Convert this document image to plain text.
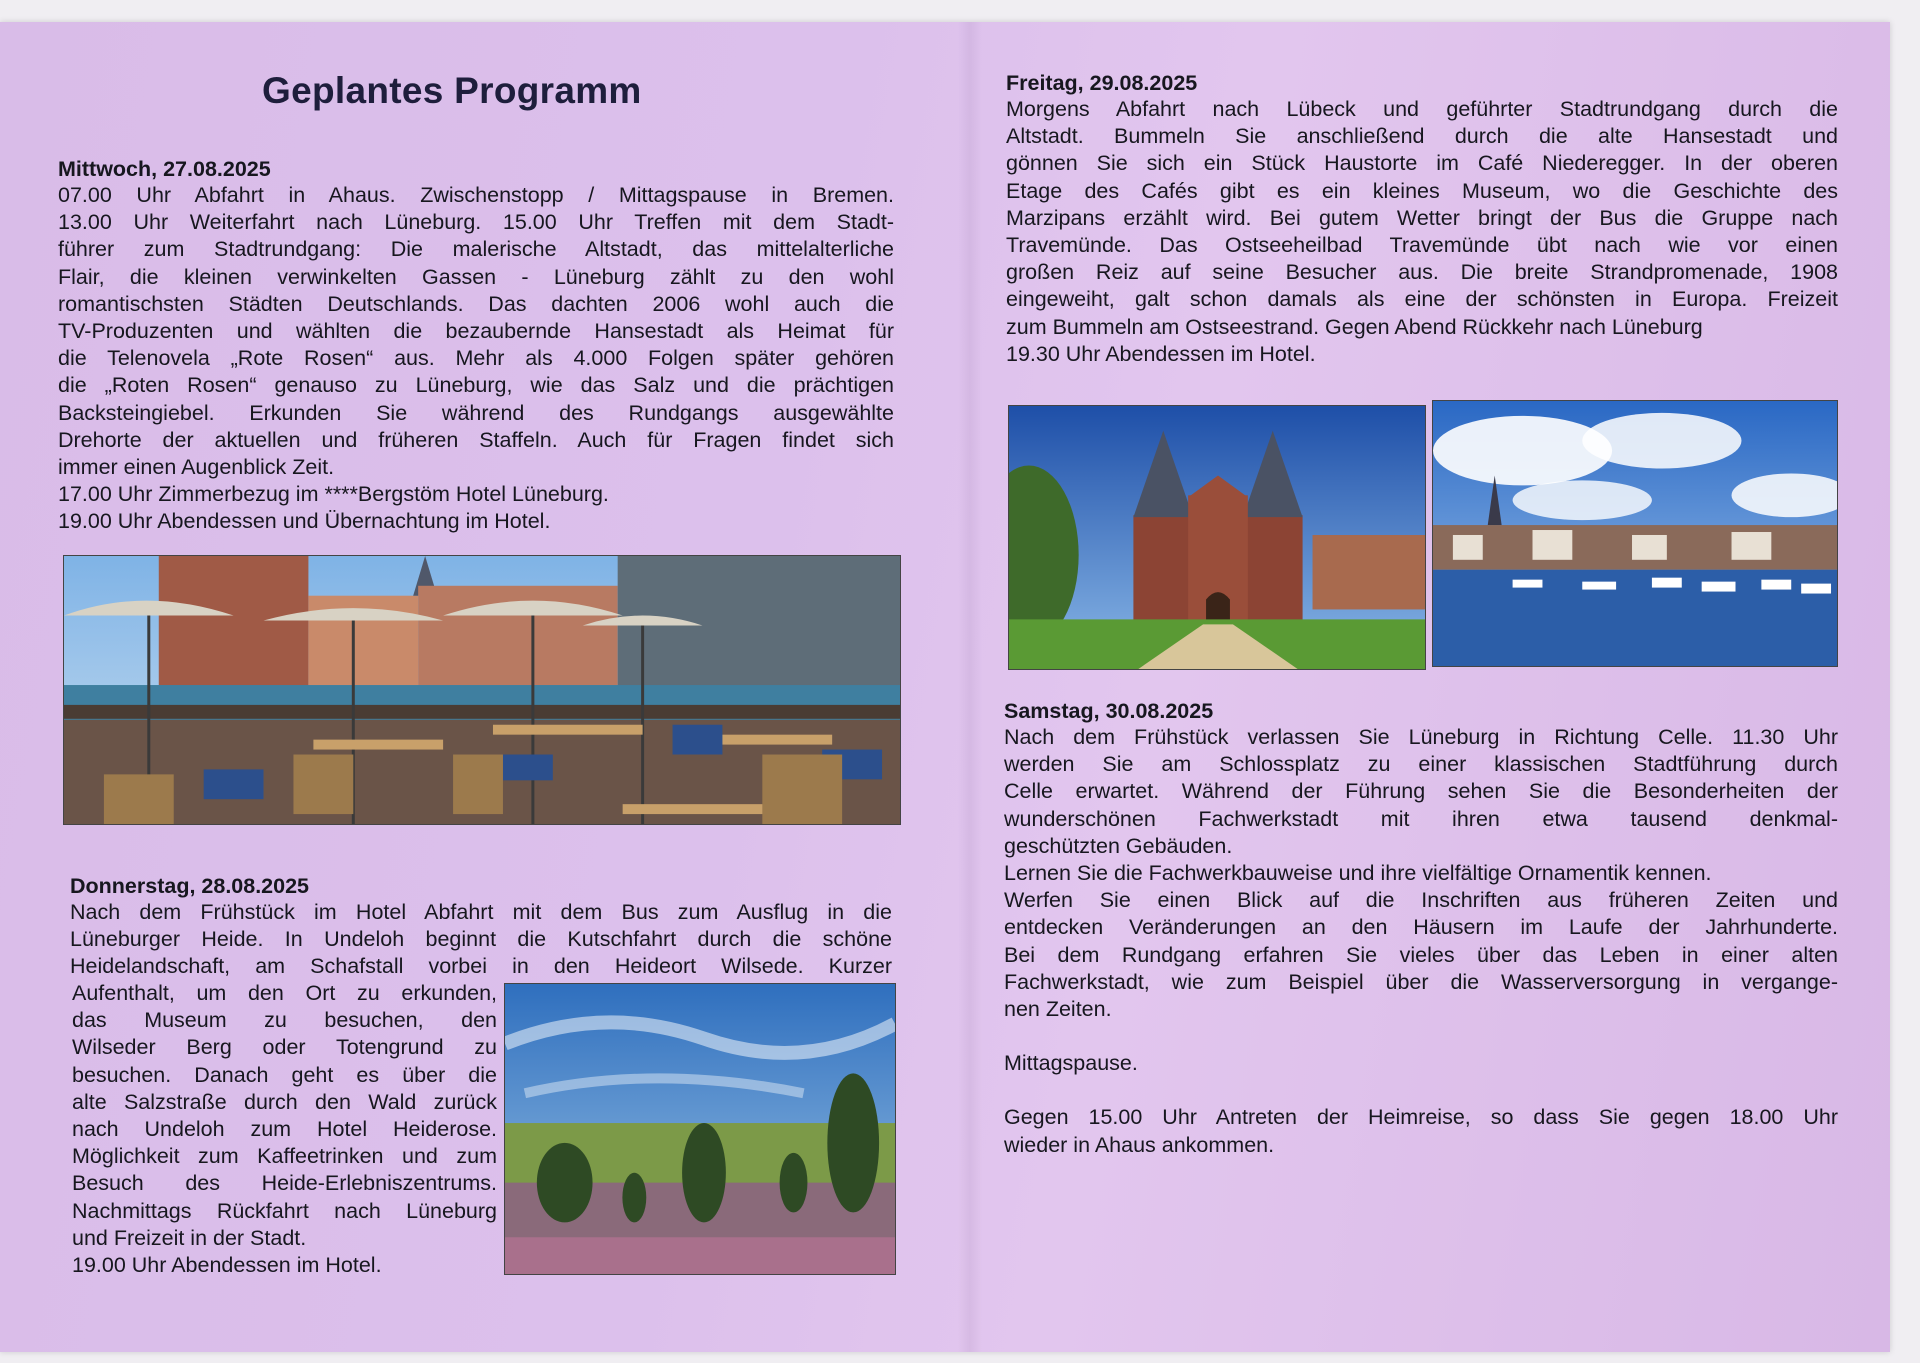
Geplantes Programm
Mittwoch, 27.08.2025

07.00 Uhr Abfahrt in Ahaus. Zwischenstopp / Mittagspause in Bremen.

13.00 Uhr Weiterfahrt nach Lüneburg. 15.00 Uhr Treffen mit dem Stadt-

führer zum Stadtrundgang: Die malerische Altstadt, das mittelalterliche

Flair, die kleinen verwinkelten Gassen - Lüneburg zählt zu den wohl

romantischsten Städten Deutschlands. Das dachten 2006 wohl auch die

TV-Produzenten und wählten die bezaubernde Hansestadt als Heimat für

die Telenovela „Rote Rosen“ aus. Mehr als 4.000 Folgen später gehören

die „Roten Rosen“ genauso zu Lüneburg, wie das Salz und die prächtigen

Backsteingiebel. Erkunden Sie während des Rundgangs ausgewählte

Drehorte der aktuellen und früheren Staffeln. Auch für Fragen findet sich

immer einen Augenblick Zeit.

17.00 Uhr Zimmerbezug im ****Bergstöm Hotel Lüneburg.

19.00 Uhr Abendessen und Übernachtung im Hotel.

Donnerstag, 28.08.2025

Nach dem Frühstück im Hotel Abfahrt mit dem Bus zum Ausflug in die

Lüneburger Heide. In Undeloh beginnt die Kutschfahrt durch die schöne

Heidelandschaft, am Schafstall vorbei in den Heideort Wilsede. Kurzer

Aufenthalt, um den Ort zu erkunden,

das Museum zu besuchen, den

Wilseder Berg oder Totengrund zu

besuchen. Danach geht es über die

alte Salzstraße durch den Wald zurück

nach Undeloh zum Hotel Heiderose.

Möglichkeit zum Kaffeetrinken und zum

Besuch des Heide-Erlebniszentrums.

Nachmittags Rückfahrt nach Lüneburg

und Freizeit in der Stadt.

19.00 Uhr Abendessen im Hotel.

Freitag, 29.08.2025

Morgens Abfahrt nach Lübeck und geführter Stadtrundgang durch die

Altstadt. Bummeln Sie anschließend durch die alte Hansestadt und

gönnen Sie sich ein Stück Haustorte im Café Niederegger. In der oberen

Etage des Cafés gibt es ein kleines Museum, wo die Geschichte des

Marzipans erzählt wird. Bei gutem Wetter bringt der Bus die Gruppe nach

Travemünde. Das Ostseeheilbad Travemünde übt nach wie vor einen

großen Reiz auf seine Besucher aus. Die breite Strandpromenade, 1908

eingeweiht, galt schon damals als eine der schönsten in Europa. Freizeit

zum Bummeln am Ostseestrand. Gegen Abend Rückkehr nach Lüneburg

19.30 Uhr Abendessen im Hotel.

Samstag, 30.08.2025

Nach dem Frühstück verlassen Sie Lüneburg in Richtung Celle. 11.30 Uhr

werden Sie am Schlossplatz zu einer klassischen Stadtführung durch

Celle erwartet. Während der Führung sehen Sie die Besonderheiten der

wunderschönen Fachwerkstadt mit ihren etwa tausend denkmal-

geschützten Gebäuden.

Lernen Sie die Fachwerkbauweise und ihre vielfältige Ornamentik kennen.

Werfen Sie einen Blick auf die Inschriften aus früheren Zeiten und

entdecken Veränderungen an den Häusern im Laufe der Jahrhunderte.

Bei dem Rundgang erfahren Sie vieles über das Leben in einer alten

Fachwerkstadt, wie zum Beispiel über die Wasserversorgung in vergange-

nen Zeiten.

Mittagspause.

Gegen 15.00 Uhr Antreten der Heimreise, so dass Sie gegen 18.00 Uhr

wieder in Ahaus ankommen.
